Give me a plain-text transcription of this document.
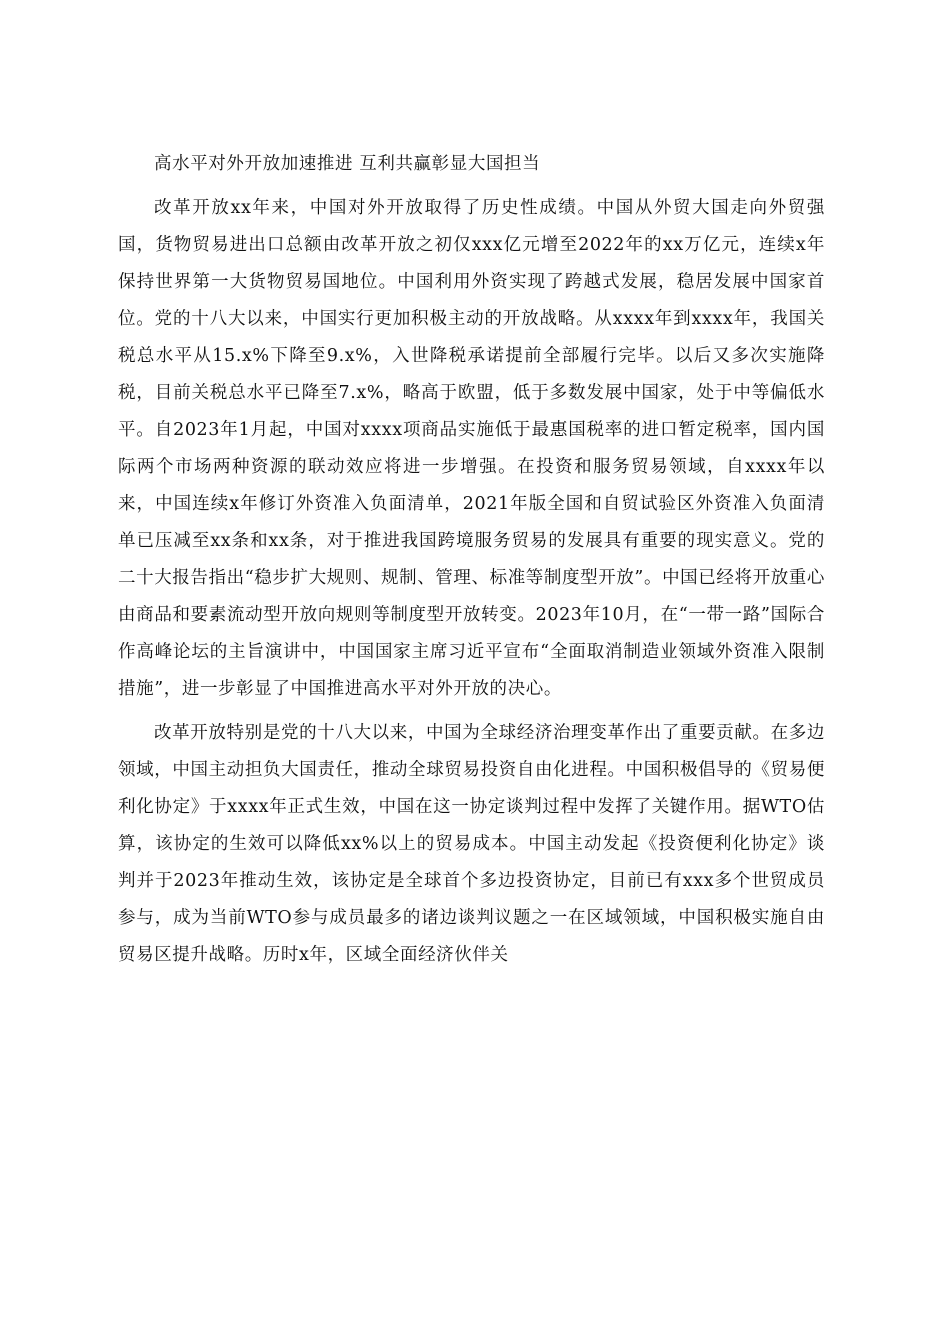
高水平对外开放加速推进 互利共赢彰显大国担当

改革开放xx年来，中国对外开放取得了历史性成绩。中国从外贸大国走向外贸强国，货物贸易进出口总额由改革开放之初仅xxx亿元增至2022年的xx万亿元，连续x年保持世界第一大货物贸易国地位。中国利用外资实现了跨越式发展，稳居发展中国家首位。党的十八大以来，中国实行更加积极主动的开放战略。从xxxx年到xxxx年，我国关税总水平从15.x%下降至9.x%，入世降税承诺提前全部履行完毕。以后又多次实施降税，目前关税总水平已降至7.x%，略高于欧盟，低于多数发展中国家，处于中等偏低水平。自2023年1月起，中国对xxxx项商品实施低于最惠国税率的进口暂定税率，国内国际两个市场两种资源的联动效应将进一步增强。在投资和服务贸易领域，自xxxx年以来，中国连续x年修订外资准入负面清单，2021年版全国和自贸试验区外资准入负面清单已压减至xx条和xx条，对于推进我国跨境服务贸易的发展具有重要的现实意义。党的二十大报告指出“稳步扩大规则、规制、管理、标准等制度型开放”。中国已经将开放重心由商品和要素流动型开放向规则等制度型开放转变。2023年10月，在“一带一路”国际合作高峰论坛的主旨演讲中，中国国家主席习近平宣布“全面取消制造业领域外资准入限制措施”，进一步彰显了中国推进高水平对外开放的决心。

改革开放特别是党的十八大以来，中国为全球经济治理变革作出了重要贡献。在多边领域，中国主动担负大国责任，推动全球贸易投资自由化进程。中国积极倡导的《贸易便利化协定》于xxxx年正式生效，中国在这一协定谈判过程中发挥了关键作用。据WTO估算，该协定的生效可以降低xx%以上的贸易成本。中国主动发起《投资便利化协定》谈判并于2023年推动生效，该协定是全球首个多边投资协定，目前已有xxx多个世贸成员参与，成为当前WTO参与成员最多的诸边谈判议题之一在区域领域，中国积极实施自由贸易区提升战略。历时x年，区域全面经济伙伴关
